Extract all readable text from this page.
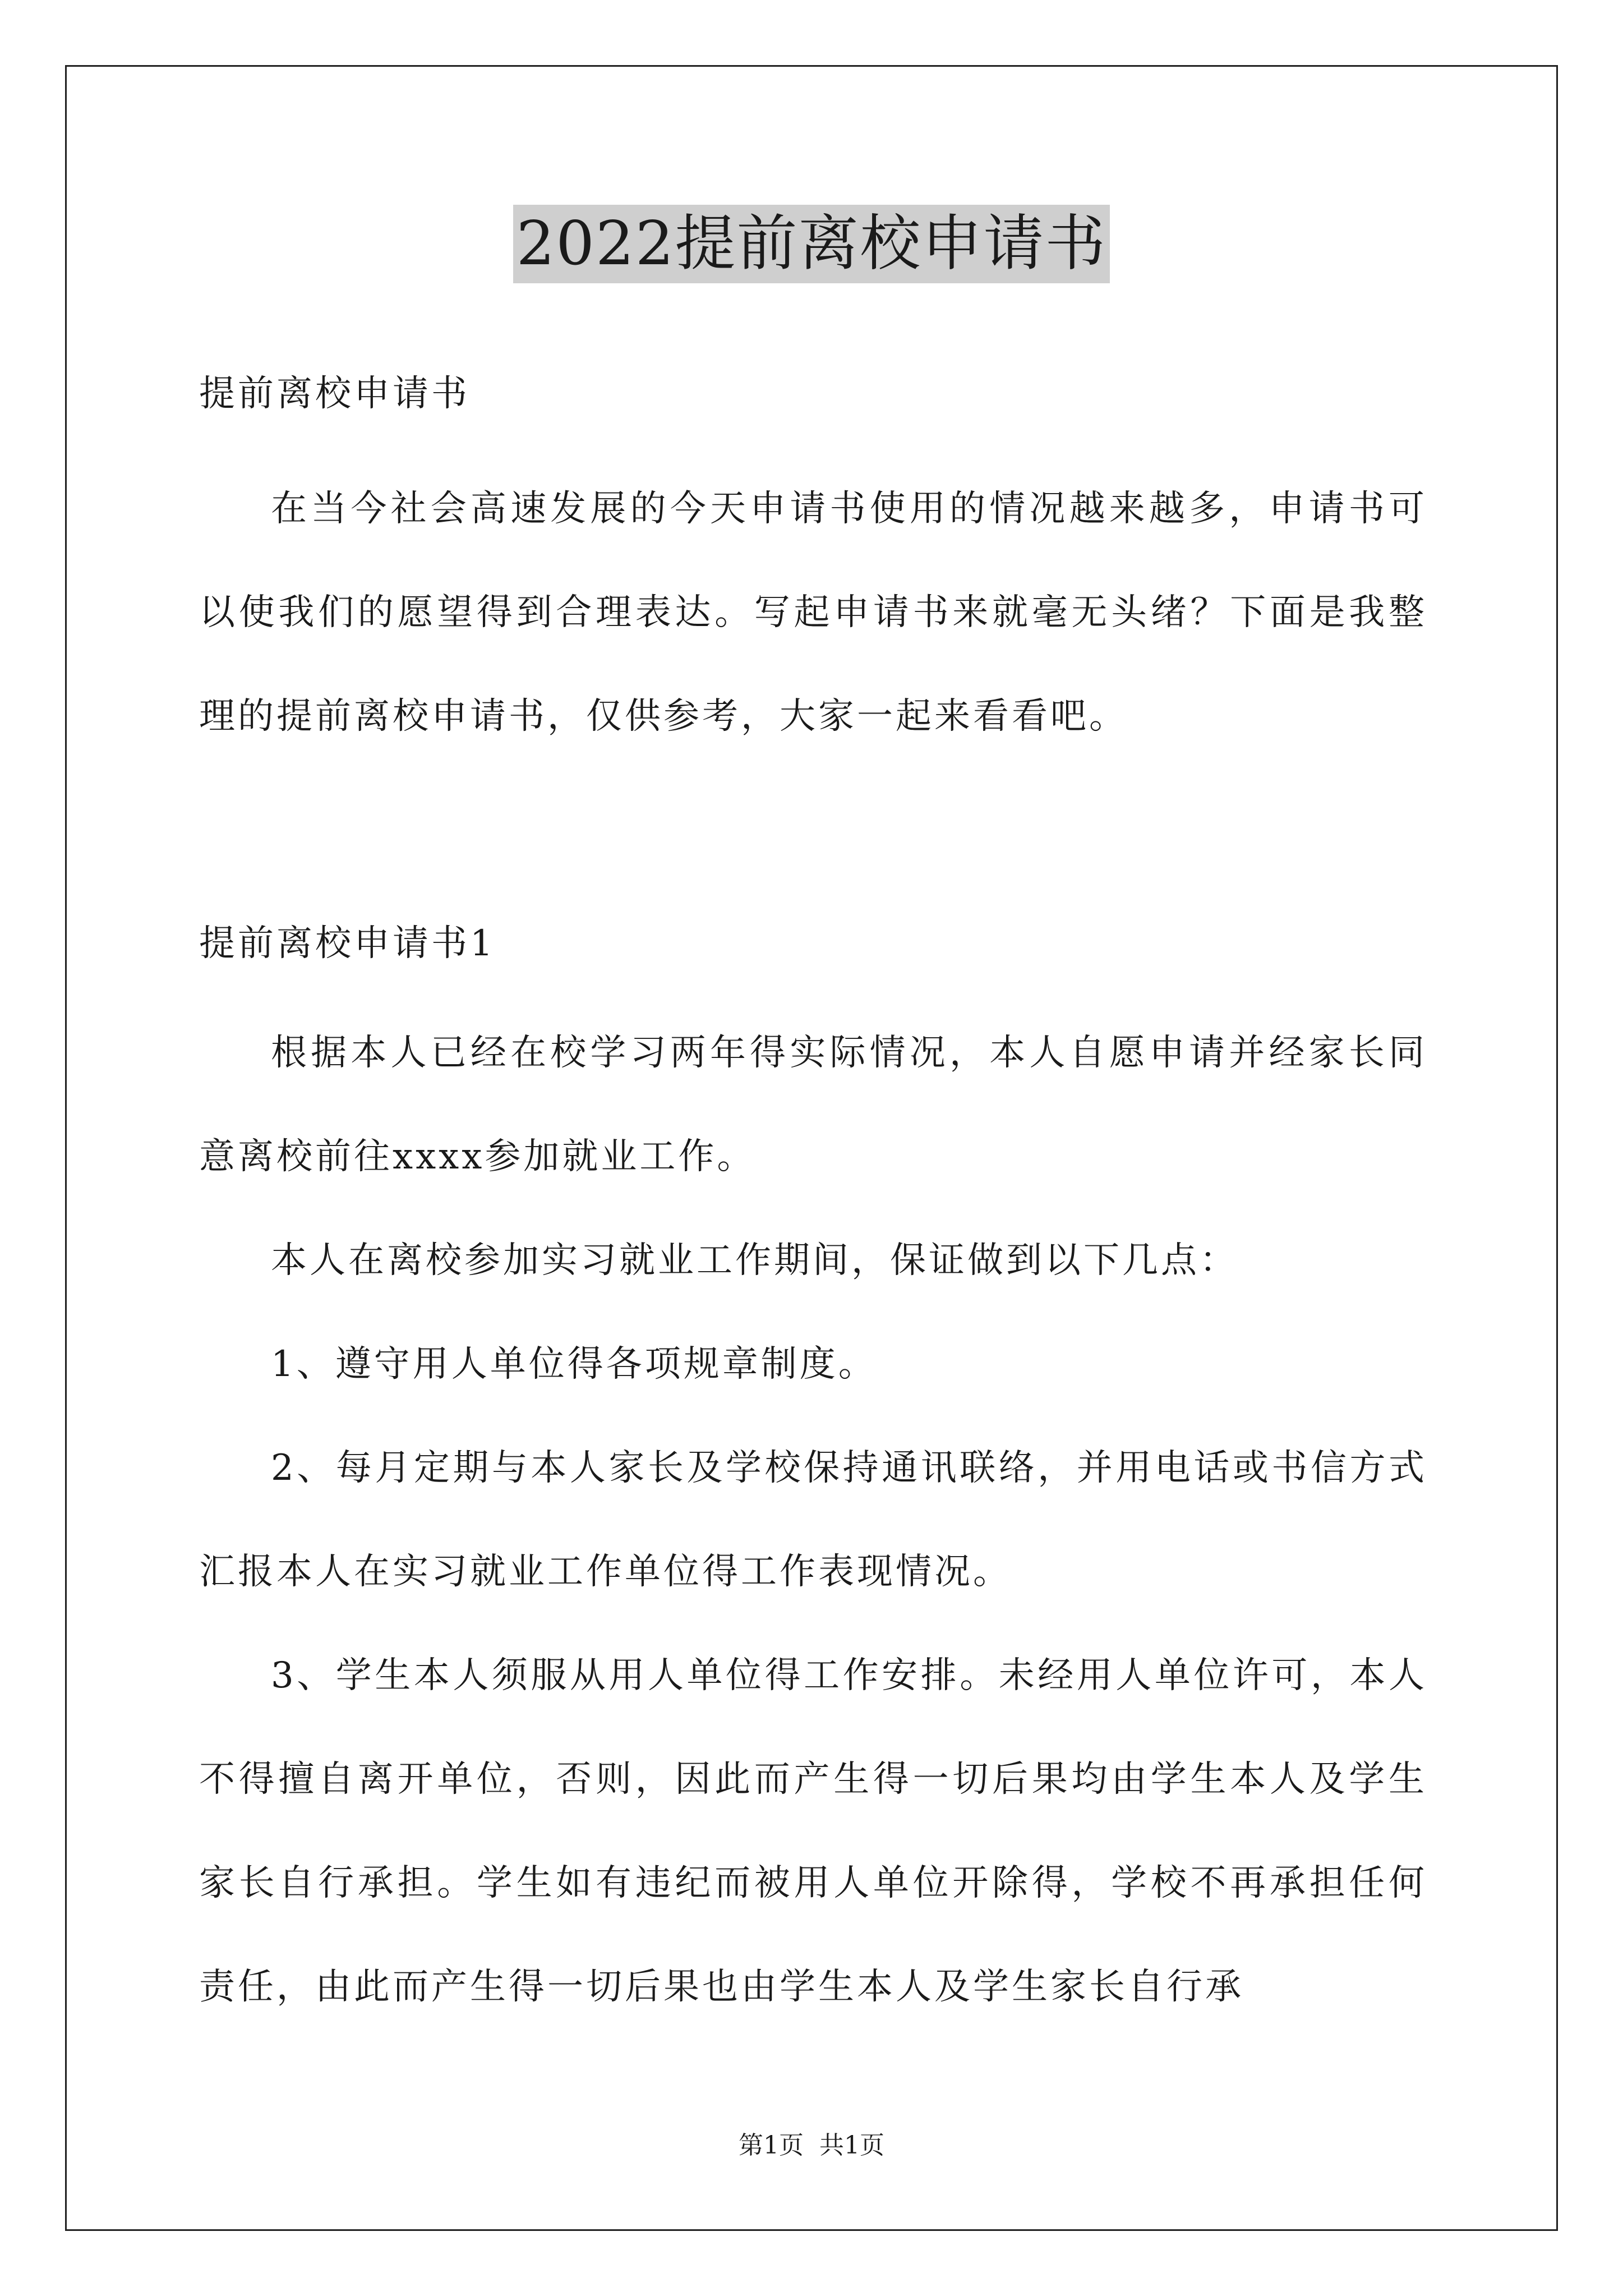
2022提前离校申请书

提前离校申请书

在当今社会高速发展的今天申请书使用的情况越来越多，申请书可以使我们的愿望得到合理表达。写起申请书来就毫无头绪？下面是我整理的提前离校申请书，仅供参考，大家一起来看看吧。

提前离校申请书1

根据本人已经在校学习两年得实际情况，本人自愿申请并经家长同意离校前往xxxx参加就业工作。

本人在离校参加实习就业工作期间，保证做到以下几点：

1、遵守用人单位得各项规章制度。

2、每月定期与本人家长及学校保持通讯联络，并用电话或书信方式汇报本人在实习就业工作单位得工作表现情况。

3、学生本人须服从用人单位得工作安排。未经用人单位许可，本人不得擅自离开单位，否则，因此而产生得一切后果均由学生本人及学生家长自行承担。学生如有违纪而被用人单位开除得，学校不再承担任何责任，由此而产生得一切后果也由学生本人及学生家长自行承

第1页 共1页
